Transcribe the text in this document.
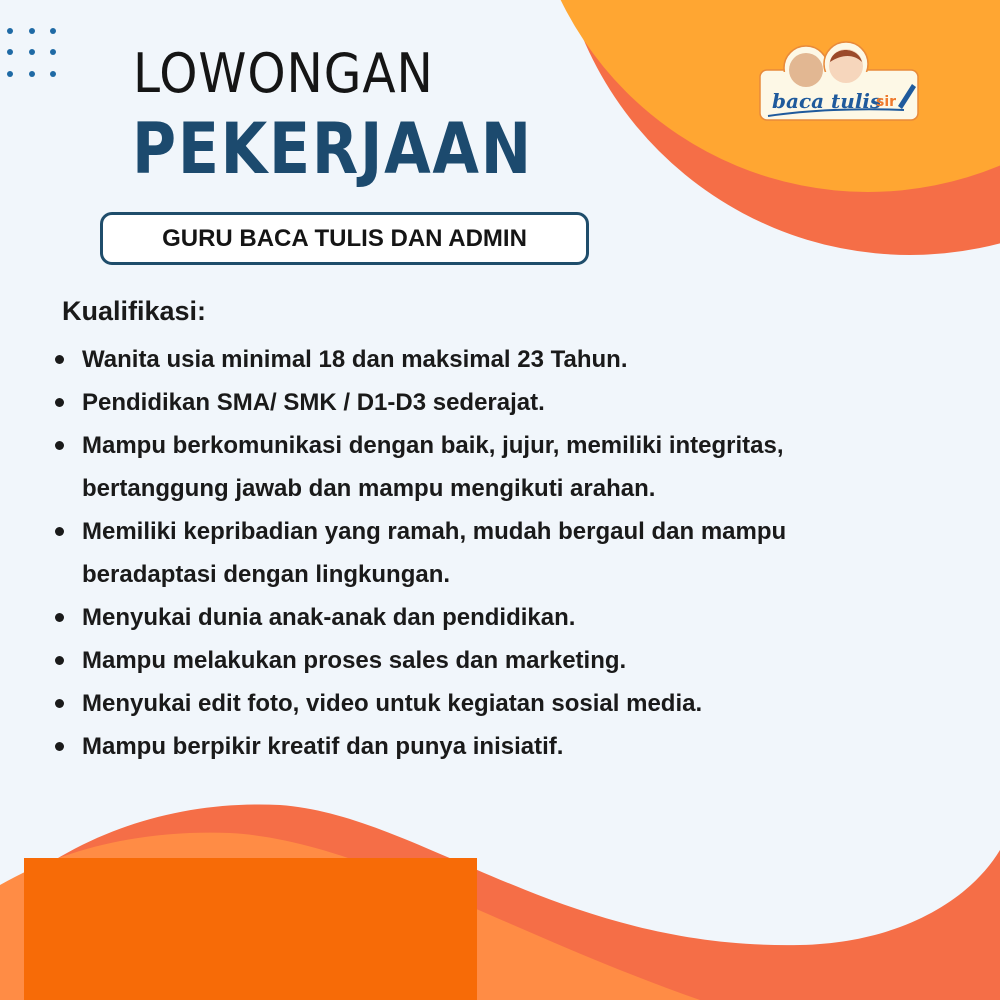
baca tulis
sir
LOWONGAN
PEKERJAAN
GURU BACA TULIS DAN ADMIN
Kualifikasi:
Wanita usia minimal 18 dan maksimal 23 Tahun.
Pendidikan SMA/ SMK / D1-D3 sederajat.
Mampu berkomunikasi dengan baik, jujur, memiliki integritas,
bertanggung jawab dan mampu mengikuti arahan.
Memiliki kepribadian yang ramah, mudah bergaul dan mampu
beradaptasi dengan lingkungan.
Menyukai dunia anak-anak dan pendidikan.
Mampu melakukan proses sales dan marketing.
Menyukai edit foto, video untuk kegiatan sosial media.
Mampu berpikir kreatif dan punya inisiatif.
